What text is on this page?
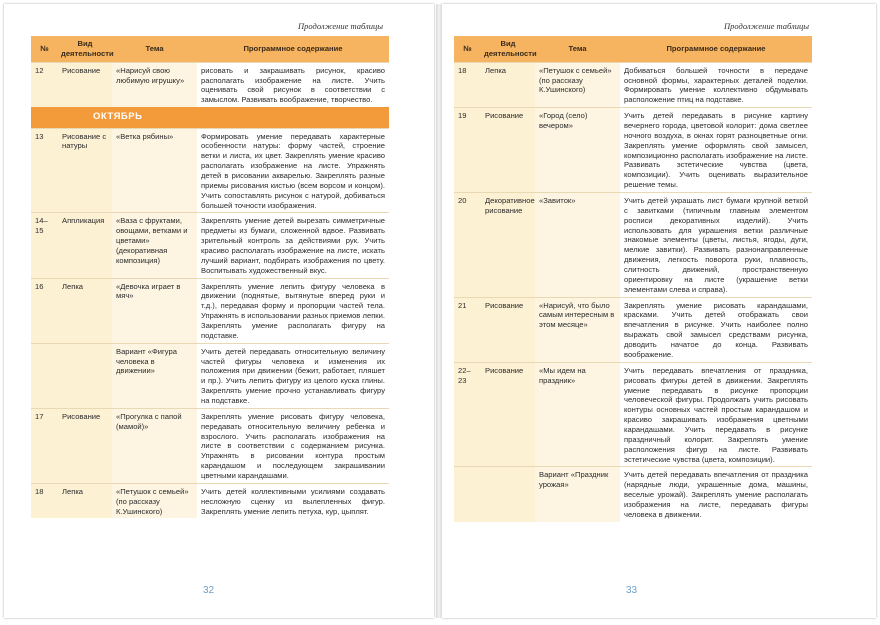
Продолжение таблицы	Продолжение таблицы
№	Вид деятельности	Тема	Программное содержание
12	Рисование	«Нарисуй свою любимую игрушку»	рисовать и закрашивать рисунок, красиво располагать изображение на листе. Учить оценивать свой рисунок в соответствии с замыслом. Развивать воображение, творчество.
ОКТЯБРЬ			
13	Рисование с натуры	«Ветка рябины»	Формировать умение передавать характерные особенности натуры: форму частей, строение ветки и листа, их цвет. Закреплять умение красиво располагать изображение на листе. Упражнять детей в рисовании акварелью. Закреплять разные приемы рисования кистью (всем ворсом и концом). Учить сопоставлять рисунок с натурой, добиваться большей точности изображения.
14–15	Аппликация	«Ваза с фруктами, овощами, ветками и цветами» (декоративная композиция)	Закреплять умение детей вырезать симметричные предметы из бумаги, сложенной вдвое. Развивать зрительный контроль за действиями рук. Учить красиво располагать изображение на листе, искать лучший вариант, подбирать изображения по цвету. Воспитывать художественный вкус.
16	Лепка	«Девочка играет в мяч»	Закреплять умение лепить фигуру человека в движении (поднятые, вытянутые вперед руки и т.д.), передавая форму и пропорции частей тела. Упражнять в использовании разных приемов лепки. Закреплять умение располагать фигуру на подставке.
		Вариант «Фигура человека в движении»	Учить детей передавать относительную величину частей фигуры человека и изменения их положения при движении (бежит, работает, пляшет и пр.). Учить лепить фигуру из целого куска глины. Закреплять умение прочно устанавливать фигуру на подставке.
17	Рисование	«Прогулка с папой (мамой)»	Закреплять умение рисовать фигуру человека, передавать относительную величину ребенка и взрослого. Учить располагать изображения на листе в соответствии с содержанием рисунка. Упражнять в рисовании контура простым карандашом и последующем закрашивании цветными карандашами.
18	Лепка	«Петушок с семьей» (по рассказу К.Ушинского)	Учить детей коллективными усилиями создавать несложную сценку из вылепленных фигур. Закреплять умение лепить петуха, кур, цыплят.
№	Вид деятельности	Тема	Программное содержание
18	Лепка	«Петушок с семьей» (по рассказу К.Ушинского)	Добиваться большей точности в передаче основной формы, характерных деталей поделки. Формировать умение коллективно обдумывать расположение птиц на подставке.
19	Рисование	«Город (село) вечером»	Учить детей передавать в рисунке картину вечернего города, цветовой колорит: дома светлее ночного воздуха, в окнах горят разноцветные огни. Закреплять умение оформлять свой замысел, композиционно располагать изображение на листе. Развивать эстетические чувства (цвета, композиции). Учить оценивать выразительное решение темы.
20	Декоративное рисование	«Завиток»	Учить детей украшать лист бумаги крупной веткой с завитками (типичным главным элементом росписи декоративных изделий). Учить использовать для украшения ветки различные знакомые элементы (цветы, листья, ягоды, дуги, мелкие завитки). Развивать разнонаправленные движения, легкость поворота руки, плавность, слитность движений, пространственную ориентировку на листе (украшение ветки элементами слева и справа).
21	Рисование	«Нарисуй, что было самым интересным в этом месяце»	Закреплять умение рисовать карандашами, красками. Учить детей отображать свои впечатления в рисунке. Учить наиболее полно выражать свой замысел средствами рисунка, доводить начатое до конца. Развивать воображение.
22–23	Рисование	«Мы идем на праздник»	Учить передавать впечатления от праздника, рисовать фигуры детей в движении. Закреплять умение передавать в рисунке пропорции человеческой фигуры. Продолжать учить рисовать контуры основных частей простым карандашом и красиво закрашивать изображения цветными карандашами. Учить передавать в рисунке праздничный колорит. Закреплять умение расположения фигур на листе. Развивать эстетические чувства (цвета, композиции).
		Вариант «Праздник урожая»	Учить детей передавать впечатления от праздника (нарядные люди, украшенные дома, машины, веселые урожай). Закреплять умение располагать изображения на листе, передавать фигуры человека в движении.
32	33
